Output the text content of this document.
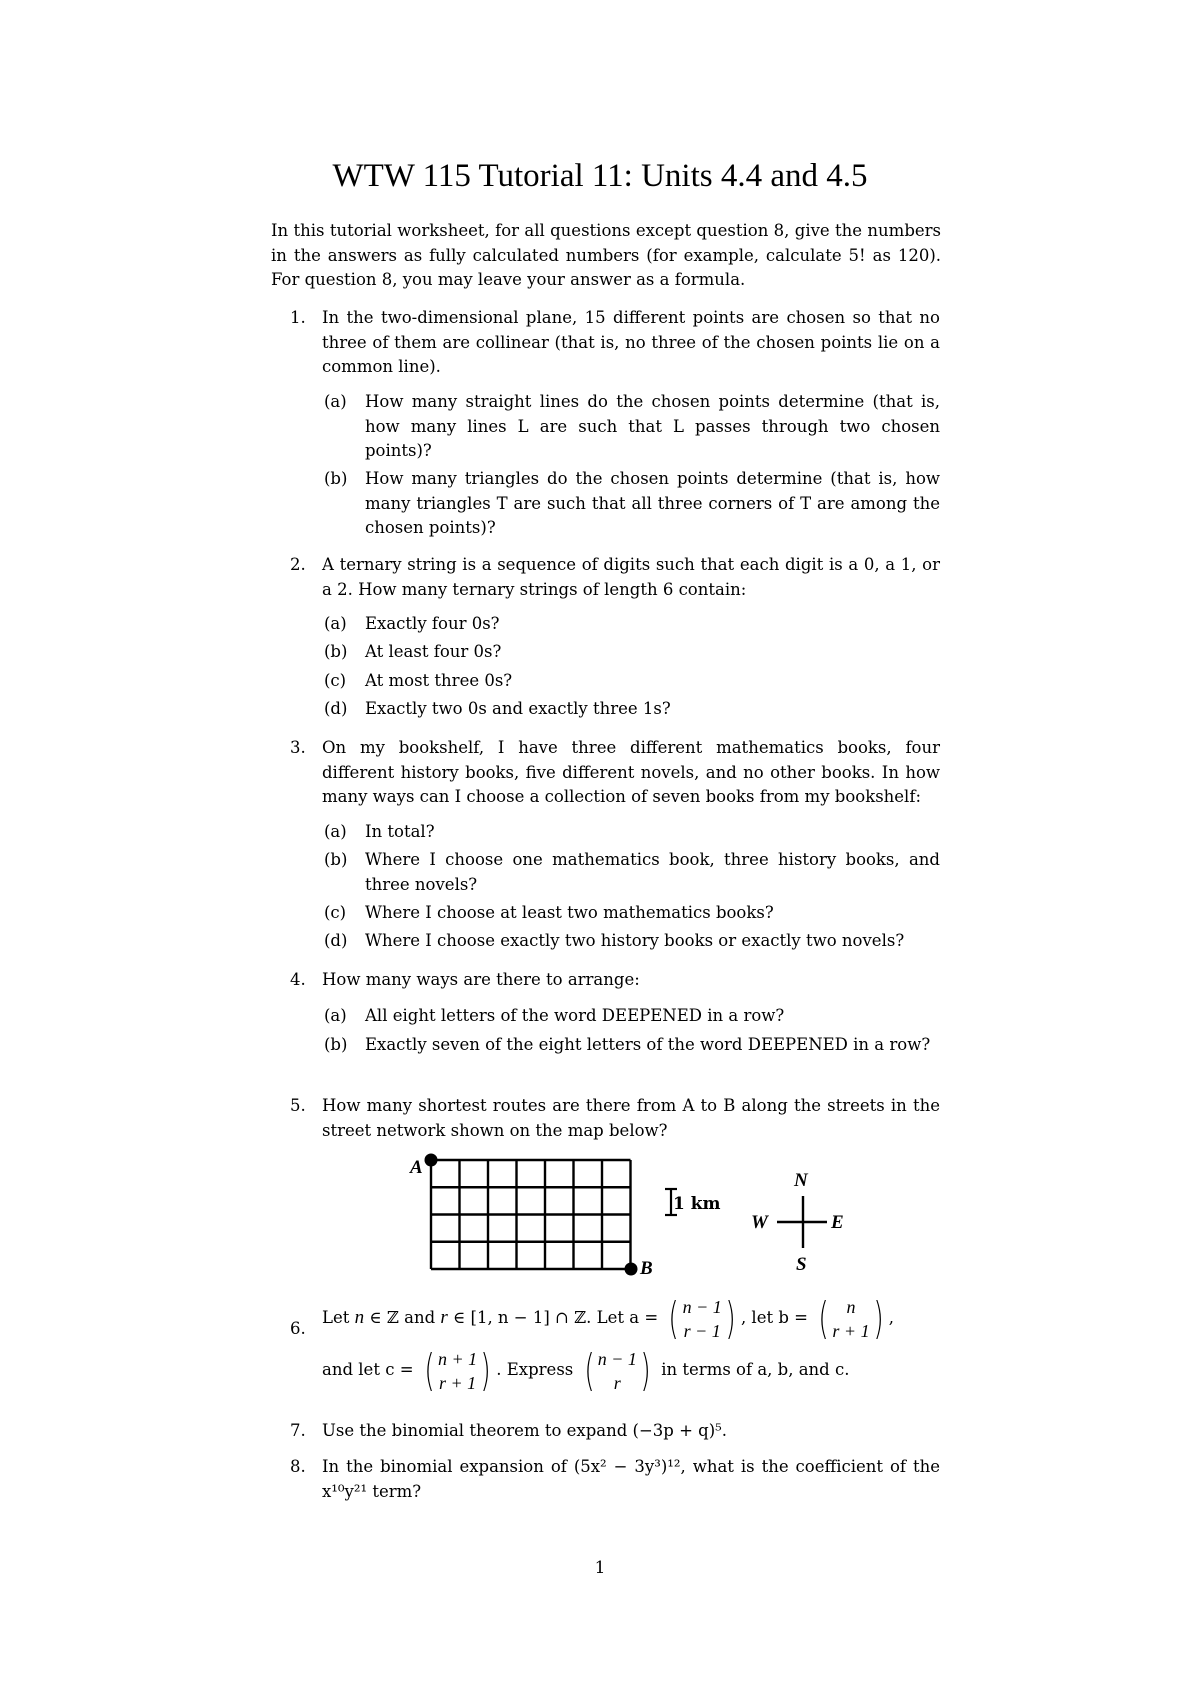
WTW 115 Tutorial 11: Units 4.4 and 4.5

In this tutorial worksheet, for all questions except question 8, give the numbers in the answers as fully calculated numbers (for example, calculate 5! as 120). For question 8, you may leave your answer as a formula.

1. In the two-dimensional plane, 15 different points are chosen so that no three of them are collinear (that is, no three of the chosen points lie on a common line).

(a) How many straight lines do the chosen points determine (that is, how many lines L are such that L passes through two chosen points)?

(b) How many triangles do the chosen points determine (that is, how many triangles T are such that all three corners of T are among the chosen points)?

2. A ternary string is a sequence of digits such that each digit is a 0, a 1, or a 2. How many ternary strings of length 6 contain:

(a) Exactly four 0s?

(b) At least four 0s?

(c) At most three 0s?

(d) Exactly two 0s and exactly three 1s?

3. On my bookshelf, I have three different mathematics books, four different history books, five different novels, and no other books. In how many ways can I choose a collection of seven books from my bookshelf:

(a) In total?

(b) Where I choose one mathematics book, three history books, and three novels?

(c) Where I choose at least two mathematics books?

(d) Where I choose exactly two history books or exactly two novels?

4. How many ways are there to arrange:

(a) All eight letters of the word DEEPENED in a row?

(b) Exactly seven of the eight letters of the word DEEPENED in a row?

5. How many shortest routes are there from A to B along the streets in the street network shown on the map below?

A
B
1 km
N
S
E
W
6.
Let n ∈ ℤ and r ∈ [1, n − 1] ∩ ℤ. Let a = ( n − 1
r − 1 ) , let b = ( n
r + 1 ) ,
and let c = ( n + 1
r + 1 ) . Express ( n − 1
r ) in terms of a, b, and c.
7. Use the binomial theorem to expand (−3p + q)⁵.

8. In the binomial expansion of (5x² − 3y³)¹², what is the coefficient of the x¹⁰y²¹ term?

1
